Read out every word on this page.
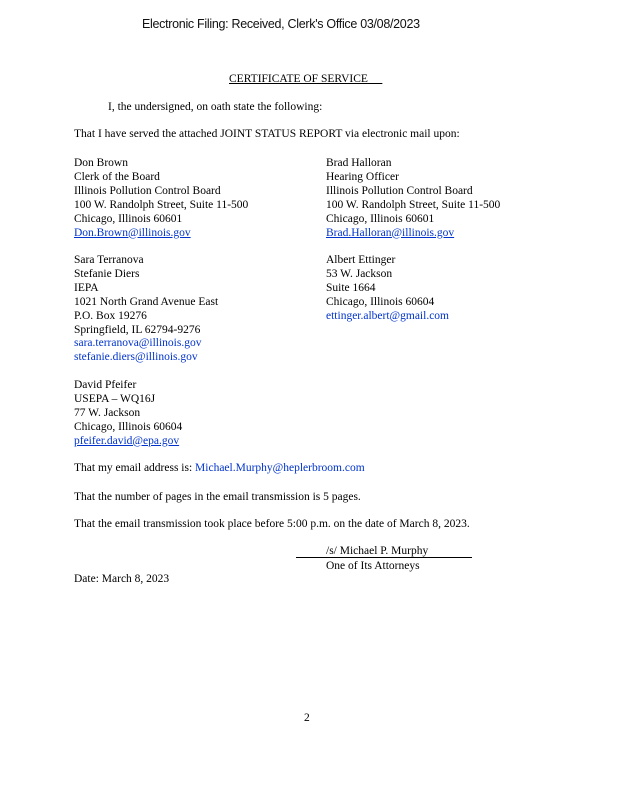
Electronic Filing: Received, Clerk's Office 03/08/2023
CERTIFICATE OF SERVICE
I, the undersigned, on oath state the following:
That I have served the attached JOINT STATUS REPORT via electronic mail upon:
Don Brown
Clerk of the Board
Illinois Pollution Control Board
100 W. Randolph Street, Suite 11-500
Chicago, Illinois 60601
Don.Brown@illinois.gov
Sara Terranova
Stefanie Diers
IEPA
1021 North Grand Avenue East
P.O. Box 19276
Springfield, IL 62794-9276
sara.terranova@illinois.gov
stefanie.diers@illinois.gov
David Pfeifer
USEPA – WQ16J
77 W. Jackson
Chicago, Illinois 60604
pfeifer.david@epa.gov
Brad Halloran
Hearing Officer
Illinois Pollution Control Board
100 W. Randolph Street, Suite 11-500
Chicago, Illinois 60601
Brad.Halloran@illinois.gov
Albert Ettinger
53 W. Jackson
Suite 1664
Chicago, Illinois 60604
ettinger.albert@gmail.com
That my email address is: Michael.Murphy@heplerbroom.com
That the number of pages in the email transmission is 5 pages.
That the email transmission took place before 5:00 p.m. on the date of March 8, 2023.
/s/ Michael P. Murphy
One of Its Attorneys
Date: March 8, 2023
2
